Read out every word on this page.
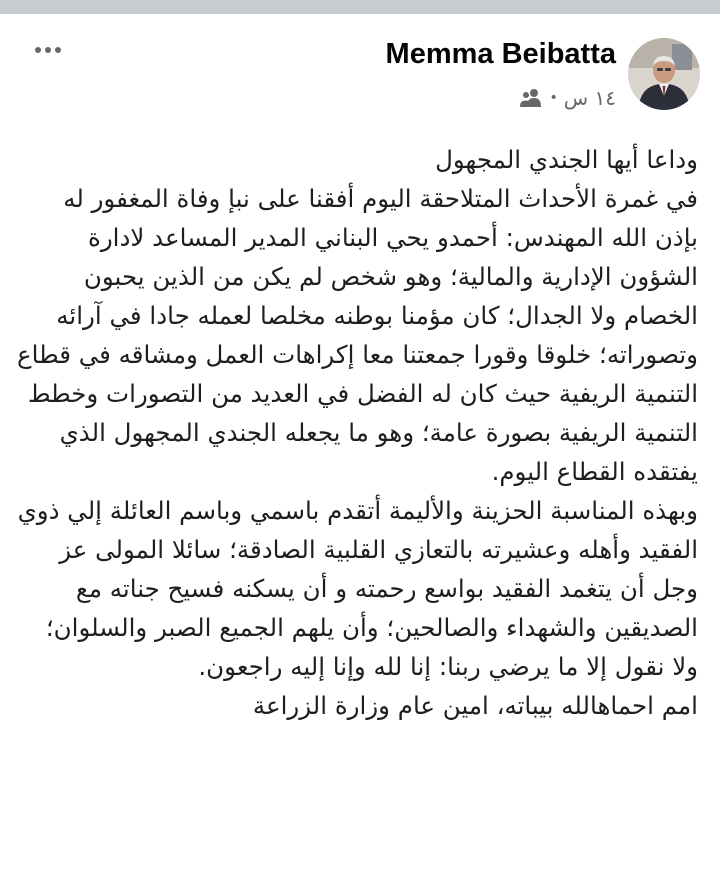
Memma Beibatta
١٤ س
•

وداعا أيها الجندي المجهول

في غمرة الأحداث المتلاحقة اليوم أفقنا على نبإ وفاة المغفور له بإذن الله المهندس: أحمدو يحي البناني المدير المساعد لادارة الشؤون الإدارية والمالية؛ وهو شخص لم يكن من الذين يحبون الخصام ولا الجدال؛ كان مؤمنا بوطنه مخلصا لعمله جادا في آرائه وتصوراته؛ خلوقا وقورا جمعتنا معا إكراهات العمل ومشاقه في قطاع التنمية الريفية حيث كان له الفضل في العديد من التصورات وخطط التنمية الريفية بصورة عامة؛ وهو ما يجعله الجندي المجهول الذي يفتقده القطاع اليوم.

وبهذه المناسبة الحزينة والأليمة أتقدم باسمي وباسم العائلة إلي ذوي الفقيد وأهله وعشيرته بالتعازي القلبية الصادقة؛ سائلا المولى عز وجل أن يتغمد الفقيد بواسع رحمته و أن يسكنه فسيح جناته مع الصديقين والشهداء والصالحين؛ وأن يلهم الجميع الصبر والسلوان؛ ولا نقول إلا ما يرضي ربنا: إنا لله وإنا إليه راجعون.

امم احماهالله بيباته، امين عام وزارة الزراعة
